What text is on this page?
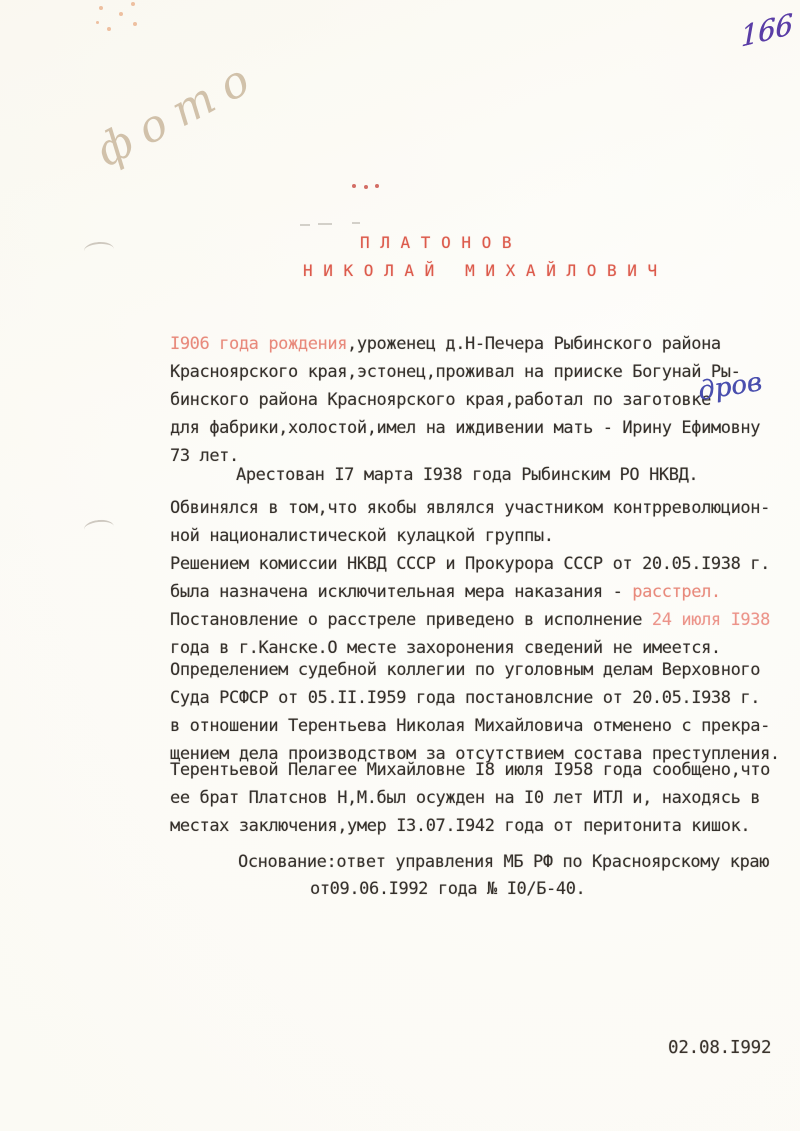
166
фото
П Л А Т О Н О В
Н И К О Л А Й   М И Х А Й Л О В И Ч
I906 года рождения,уроженец д.Н-Печера Рыбинского района
Красноярского края,эстонец,проживал на прииске Богунай Ры-
бинского района Красноярского края,работал по заготовке
для фабрики,холостой,имел на иждивении мать - Ирину Ефимовну
73 лет.
дров
Арестован I7 марта I938 года Рыбинским РО НКВД.
Обвинялся в том,что якобы являлся участником контрреволюцион-
ной националистической кулацкой группы.
Решением комиссии НКВД СССР и Прокурора СССР от 20.05.I938 г.
была назначена исключительная мера наказания - расстрел.
Постановление о расстреле приведено в исполнение 24 июля I938
года в г.Канске.О месте захоронения сведений не имеется.
Определением судебной коллегии по уголовным делам Верховного
Суда РСФСР от 05.II.I959 года постановлсние от 20.05.I938 г.
в отношении Терентьева Николая Михайловича отменено с прекра-
щением дела производством за отсутствием состава преступления.
Терентьевой Пелагее Михайловне I8 июля I958 года сообщено,что
ее брат Платснов Н,М.был осужден на I0 лет ИТЛ и, находясь в
местах заключения,умер I3.07.I942 года от перитонита кишок.
Основание:ответ управления МБ РФ по Красноярскому краю
от09.06.I992 года № I0/Б-40.
02.08.I992
